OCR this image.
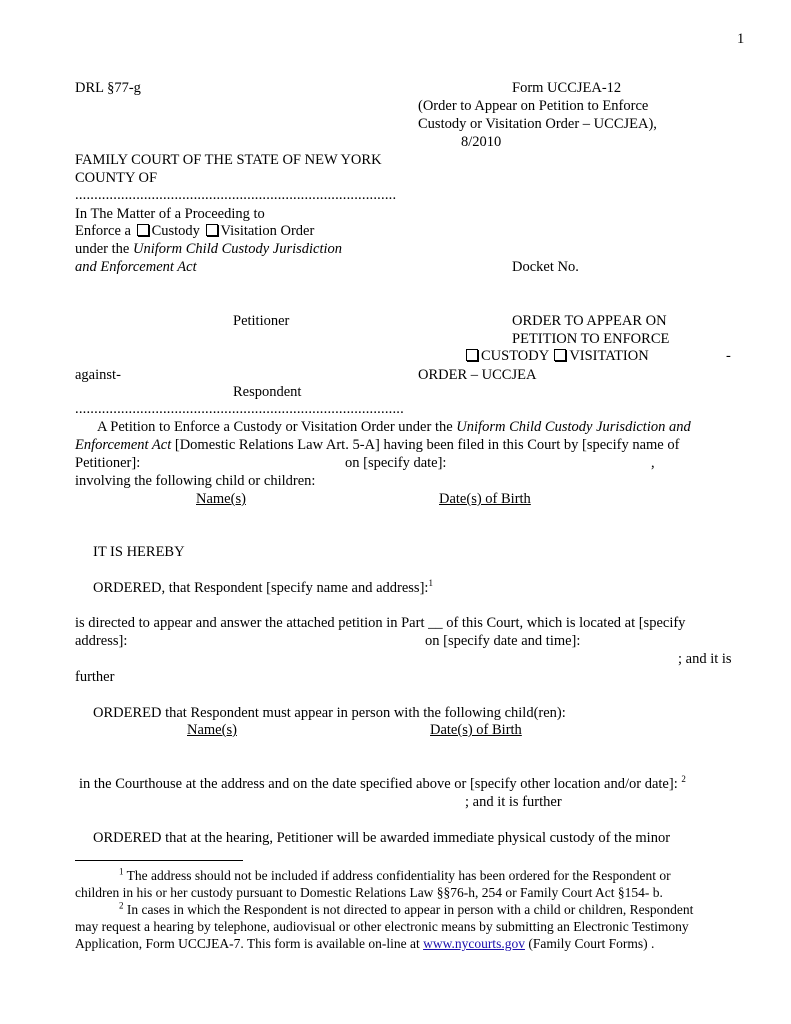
1
DRL §77-g	Form UCCJEA-12
(Order to Appear on Petition to Enforce
Custody or Visitation Order – UCCJEA),
8/2010
FAMILY COURT OF THE STATE OF NEW YORK
COUNTY OF
....................................................................................
In The Matter of a Proceeding to
Enforce a Custody Visitation Order
under the Uniform Child Custody Jurisdiction
and Enforcement Act	Docket No.
Petitioner
against-
Respondent
......................................................................................
ORDER TO APPEAR ON
PETITION TO ENFORCE
CUSTODY VISITATION	-
ORDER – UCCJEA
A Petition to Enforce a Custody or Visitation Order under the Uniform Child Custody Jurisdiction and
Enforcement Act [Domestic Relations Law Art. 5-A] having been filed in this Court by [specify name of
Petitioner]:	on [specify date]:	,
involving the following child or children:
Name(s)	Date(s) of Birth
IT IS HEREBY
ORDERED, that Respondent [specify name and address]:$^1$
is directed to appear and answer the attached petition in Part __ of this Court, which is located at [specify
address]:	on [specify date and time]:
; and it is
further
ORDERED that Respondent must appear in person with the following child(ren):
Name(s)	Date(s) of Birth
in the Courthouse at the address and on the date specified above or [specify other location and/or date]: $^2$
; and it is further
ORDERED that at the hearing, Petitioner will be awarded immediate physical custody of the minor
$^1$ The address should not be included if address confidentiality has been ordered for the Respondent or
children in his or her custody pursuant to Domestic Relations Law §§76-h, 254 or Family Court Act §154- b.
$^2$ In cases in which the Respondent is not directed to appear in person with a child or children, Respondent
may request a hearing by telephone, audiovisual or other electronic means by submitting an Electronic Testimony
Application, Form UCCJEA-7. This form is available on-line at www.nycourts.gov (Family Court Forms) .
